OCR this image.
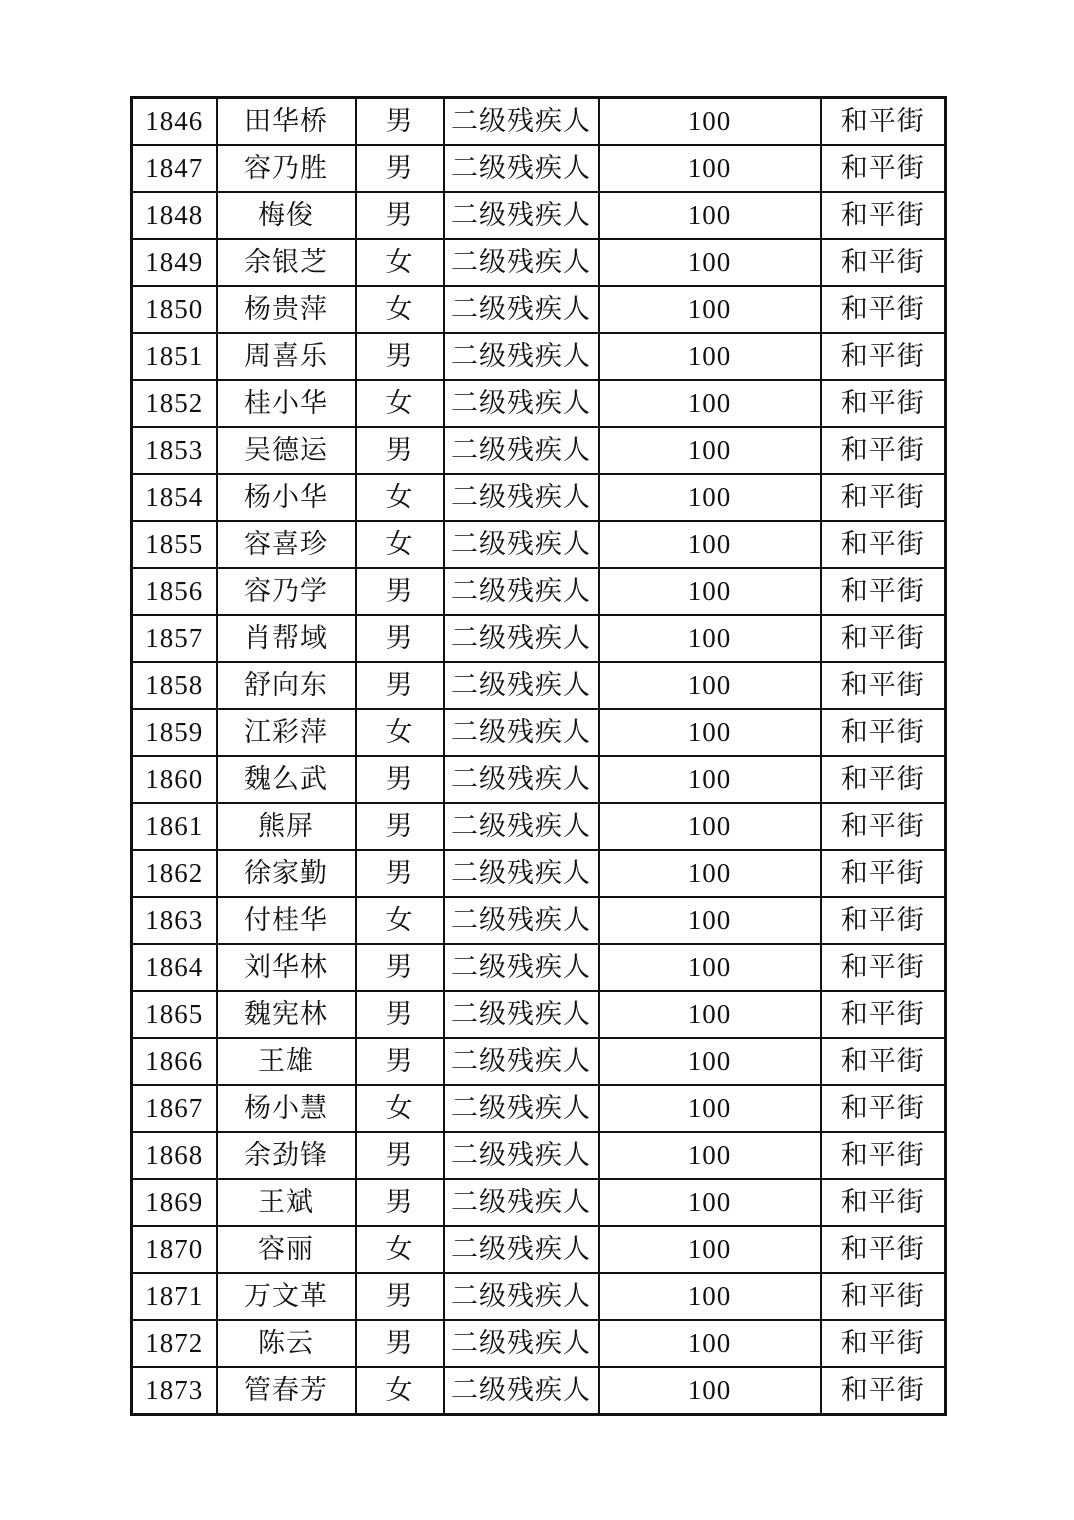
1846	田华桥	男	二级残疾人	100	和平街
1847	容乃胜	男	二级残疾人	100	和平街
1848	梅俊	男	二级残疾人	100	和平街
1849	余银芝	女	二级残疾人	100	和平街
1850	杨贵萍	女	二级残疾人	100	和平街
1851	周喜乐	男	二级残疾人	100	和平街
1852	桂小华	女	二级残疾人	100	和平街
1853	吴德运	男	二级残疾人	100	和平街
1854	杨小华	女	二级残疾人	100	和平街
1855	容喜珍	女	二级残疾人	100	和平街
1856	容乃学	男	二级残疾人	100	和平街
1857	肖帮域	男	二级残疾人	100	和平街
1858	舒向东	男	二级残疾人	100	和平街
1859	江彩萍	女	二级残疾人	100	和平街
1860	魏么武	男	二级残疾人	100	和平街
1861	熊屏	男	二级残疾人	100	和平街
1862	徐家勤	男	二级残疾人	100	和平街
1863	付桂华	女	二级残疾人	100	和平街
1864	刘华林	男	二级残疾人	100	和平街
1865	魏宪林	男	二级残疾人	100	和平街
1866	王雄	男	二级残疾人	100	和平街
1867	杨小慧	女	二级残疾人	100	和平街
1868	余劲锋	男	二级残疾人	100	和平街
1869	王斌	男	二级残疾人	100	和平街
1870	容丽	女	二级残疾人	100	和平街
1871	万文革	男	二级残疾人	100	和平街
1872	陈云	男	二级残疾人	100	和平街
1873	管春芳	女	二级残疾人	100	和平街
